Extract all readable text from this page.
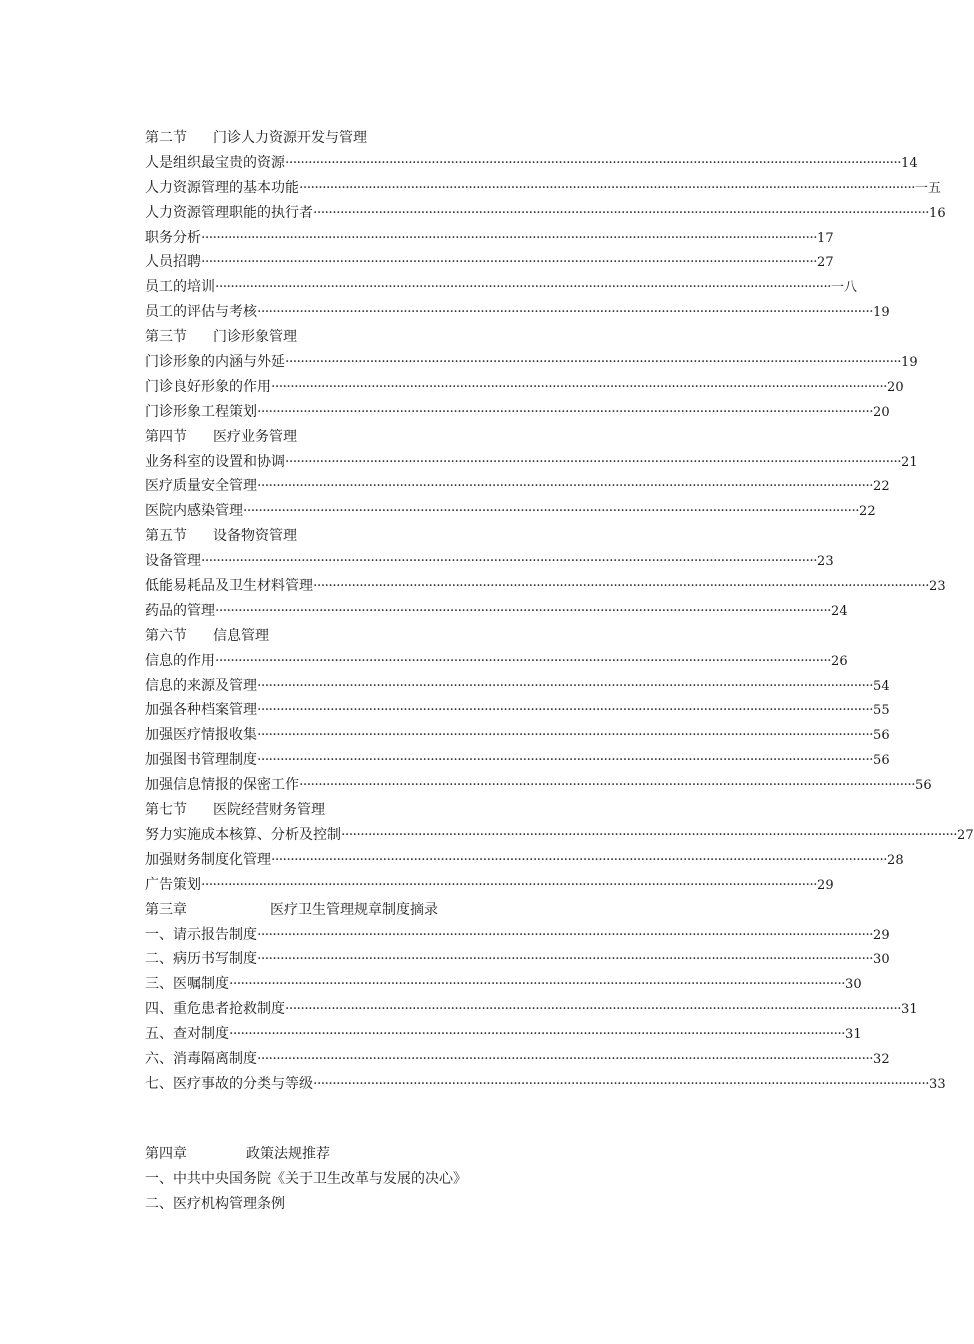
第二节 门诊人力资源开发与管理
人是组织最宝贵的资源 ································································································································································ 14
人力资源管理的基本功能 ································································································································································ 一五
人力资源管理职能的执行者 ································································································································································ 16
职务分析 ································································································································································ 17
人员招聘 ································································································································································ 27
员工的培训 ································································································································································ 一八
员工的评估与考核 ································································································································································ 19
第三节 门诊形象管理
门诊形象的内涵与外延 ································································································································································ 19
门诊良好形象的作用 ································································································································································ 20
门诊形象工程策划 ································································································································································ 20
第四节 医疗业务管理
业务科室的设置和协调 ································································································································································ 21
医疗质量安全管理 ································································································································································ 22
医院内感染管理 ································································································································································ 22
第五节 设备物资管理
设备管理 ································································································································································ 23
低能易耗品及卫生材料管理 ································································································································································ 23
药品的管理 ································································································································································ 24
第六节 信息管理
信息的作用 ································································································································································ 26
信息的来源及管理 ································································································································································ 54
加强各种档案管理 ································································································································································ 55
加强医疗情报收集 ································································································································································ 56
加强图书管理制度 ································································································································································ 56
加强信息情报的保密工作 ································································································································································ 56
第七节 医院经营财务管理
努力实施成本核算、分析及控制 ································································································································································ 27
加强财务制度化管理 ································································································································································ 28
广告策划 ································································································································································ 29
第三章	医疗卫生管理规章制度摘录
一、请示报告制度 ································································································································································ 29
二、病历书写制度 ································································································································································ 30
三、医嘱制度 ································································································································································ 30
四、重危患者抢救制度 ································································································································································ 31
五、查对制度 ································································································································································ 31
六、消毒隔离制度 ································································································································································ 32
七、医疗事故的分类与等级 ································································································································································ 33
第四章	政策法规推荐
一、中共中央国务院《关于卫生改革与发展的决心》
二、医疗机构管理条例
